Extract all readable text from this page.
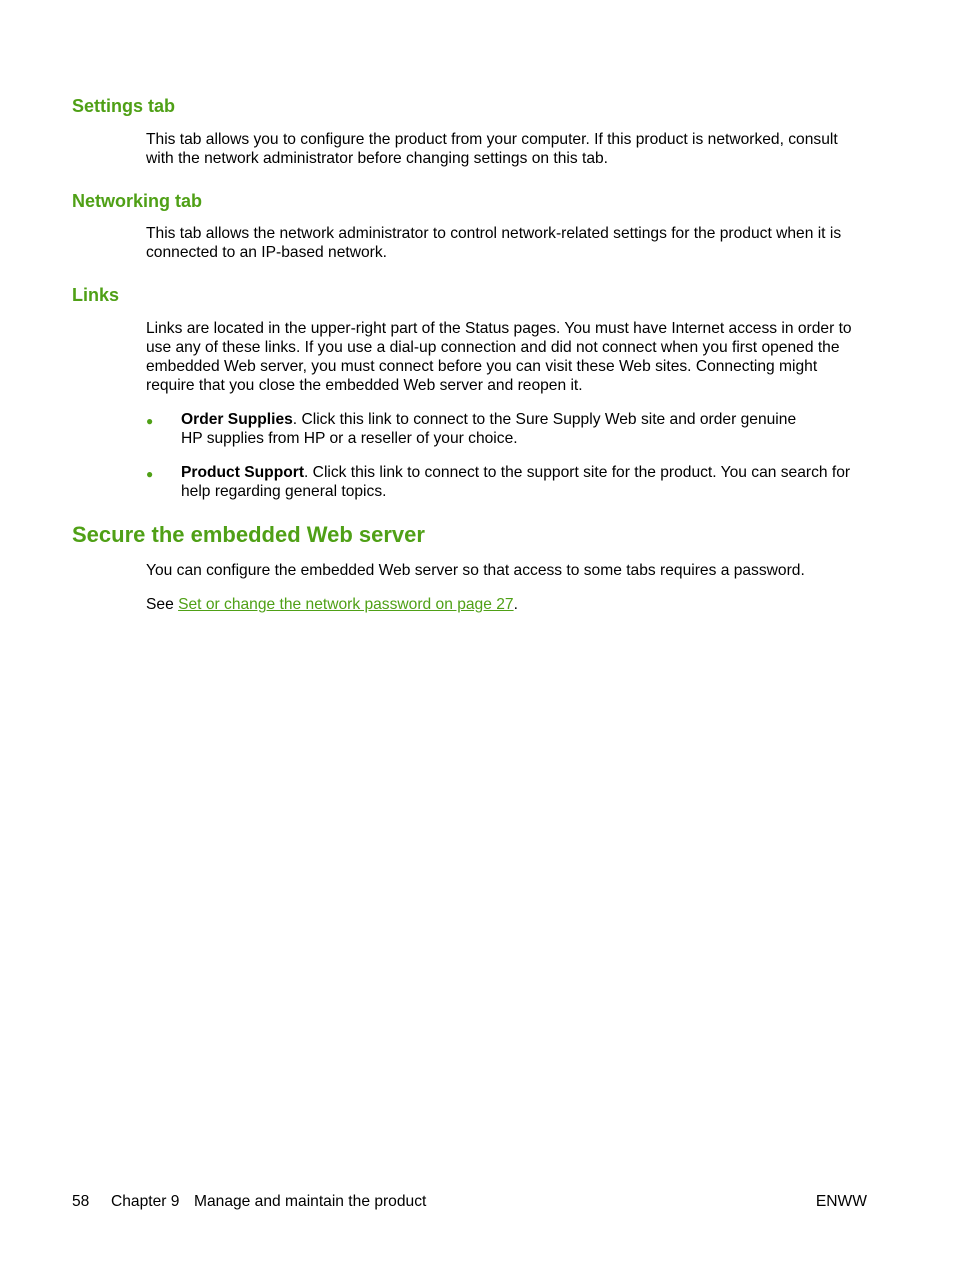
Settings tab

This tab allows you to configure the product from your computer. If this product is networked, consult
with the network administrator before changing settings on this tab.

Networking tab

This tab allows the network administrator to control network-related settings for the product when it is
connected to an IP-based network.

Links

Links are located in the upper-right part of the Status pages. You must have Internet access in order to
use any of these links. If you use a dial-up connection and did not connect when you first opened the
embedded Web server, you must connect before you can visit these Web sites. Connecting might
require that you close the embedded Web server and reopen it.

● Order Supplies. Click this link to connect to the Sure Supply Web site and order genuine
HP supplies from HP or a reseller of your choice.
● Product Support. Click this link to connect to the support site for the product. You can search for
help regarding general topics.
Secure the embedded Web server

You can configure the embedded Web server so that access to some tabs requires a password.

See Set or change the network password on page 27.

58 Chapter 9 Manage and maintain the product	ENWW
